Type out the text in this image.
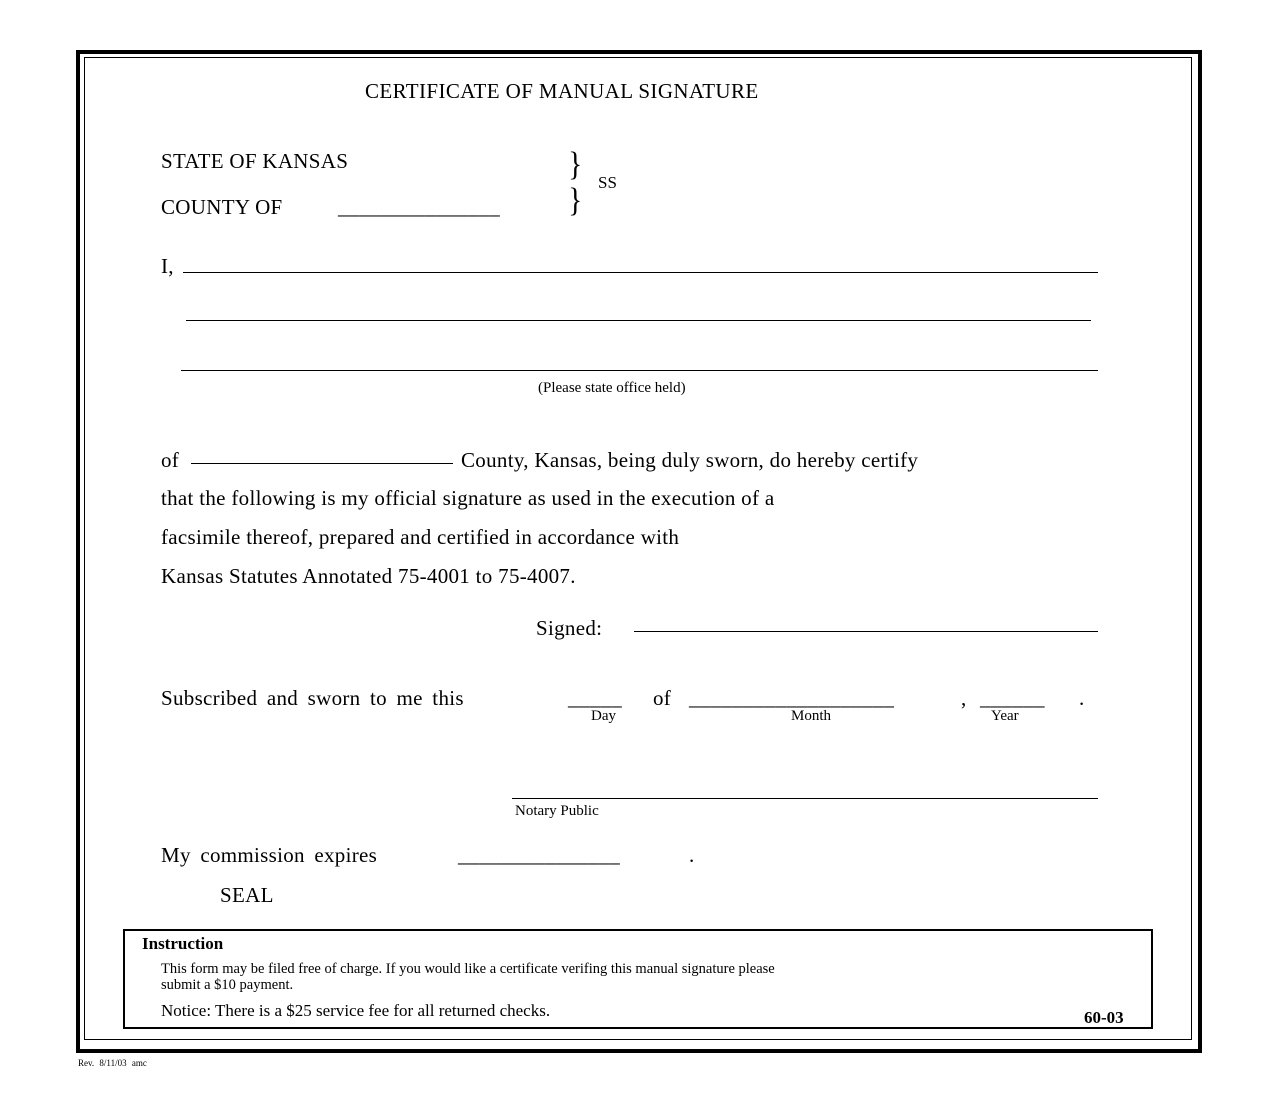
CERTIFICATE OF MANUAL SIGNATURE
STATE OF KANSAS
COUNTY OF	_______________
}
} SS
I,
(Please state office held)
of	County, Kansas, being duly sworn, do hereby certify
that the following is my official signature as used in the execution of a
facsimile thereof, prepared and certified in accordance with
Kansas Statutes Annotated 75-4001 to 75-4007.
Signed:
Subscribed and sworn to me this	_____ of ___________________	, ______ .
Day	Month	Year
Notary Public
My commission expires	_______________	.
SEAL
Instruction
This form may be filed free of charge. If you would like a certificate verifing this manual signature please
submit a $10 payment.
Notice: There is a $25 service fee for all returned checks.	60-03
Rev. 8/11/03 amc
